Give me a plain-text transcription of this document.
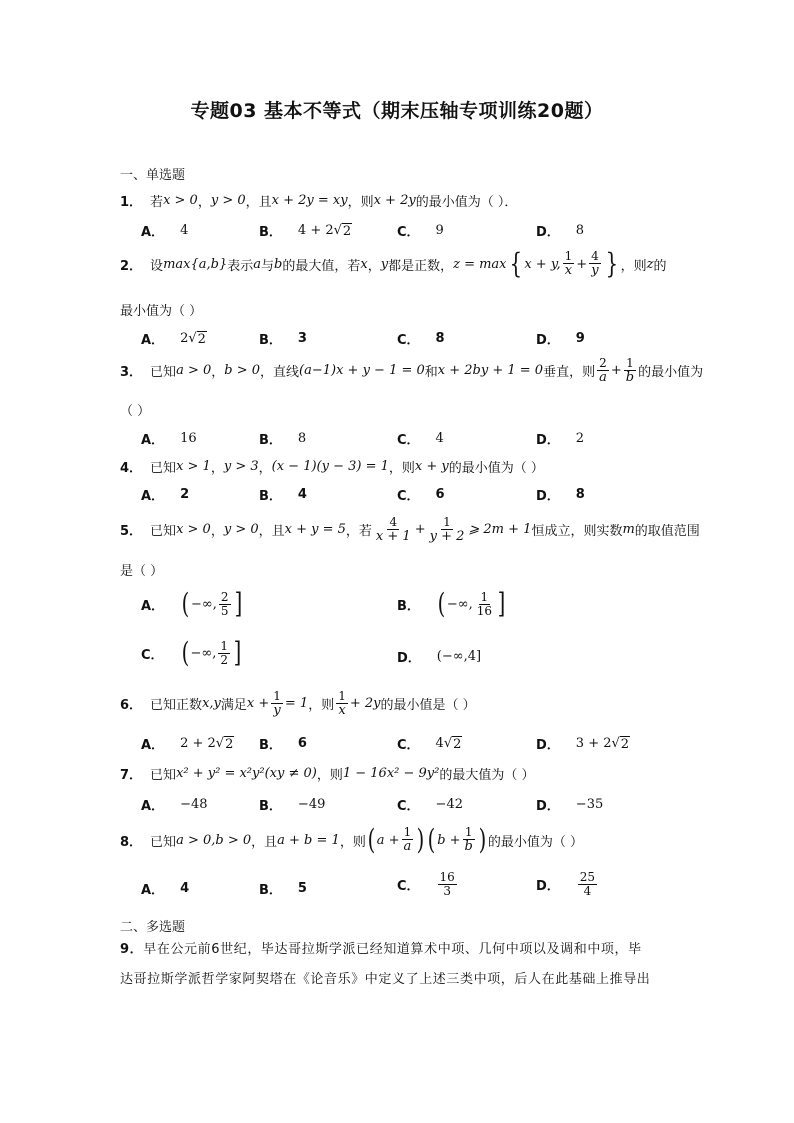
专题03 基本不等式（期末压轴专项训练20题）
一、单选题
1． 若 x > 0 ， y > 0 ，且 x + 2y = xy ，则 x + 2y 的最小值为（ ）．
A． 4	B． 4 + 2 √ 2	C． 9	D． 8
2． 设 max{a,b} 表示 a 与 b 的最大值，若 x ， y 都是正数， z = max { x + y, $\frac{1}{x} + \frac{4}{y}$ } ，则 z 的
最小值为（ ）
A． 2 √ 2	B． 3	C． 8	D． 9
3． 已知 a > 0 ， b > 0 ，直线 (a−1)x + y − 1 = 0 和 x + 2by + 1 = 0 垂直，则 $\frac{2}{a} + \frac{1}{b}$ 的最小值为
（ ）
A． 16	B． 8	C． 4	D． 2
4． 已知 x > 1 ， y > 3 ， (x − 1)(y − 3) = 1 ，则 x + y 的最小值为（ ）
A． 2	B． 4	C． 6	D． 8
5． 已知 x > 0 ， y > 0 ，且 x + y = 5 ，若 $\frac{4}{x + 1} + \frac{1}{y + 2}$ ⩾ 2m + 1 恒成立，则实数 m 的取值范围
是（ ）
A． ( −∞, $\frac{2}{5}$ ]	B． ( −∞, $\frac{1}{16}$ ]
C． ( −∞, $\frac{1}{2}$ ]	D． (−∞,4]
6． 已知正数 x,y 满足 $x + \frac{1}{y} = 1$ ，则 $\frac{1}{x} + 2y$ 的最小值是（ ）
A． 2 + 2 √ 2 B． 6	C． 4 √ 2	D． 3 + 2 √ 2
7． 已知 x² + y² = x²y² (xy ≠ 0) ，则 1 − 16x² − 9y² 的最大值为（ ）
A． −48	B． −49	C． −42	D． −35
8． 已知 a > 0,b > 0 ，且 a + b = 1 ，则 ( $a + \frac{1}{a}$ ) ( $b + \frac{1}{b}$ ) 的最小值为（ ）
A． 4	B． 5	C． $\frac{16}{3}$	D． $\frac{25}{4}$
二、多选题
9．早在公元前6世纪，毕达哥拉斯学派已经知道算术中项、几何中项以及调和中项，毕
达哥拉斯学派哲学家阿契塔在《论音乐》中定义了上述三类中项，后人在此基础上推导出
